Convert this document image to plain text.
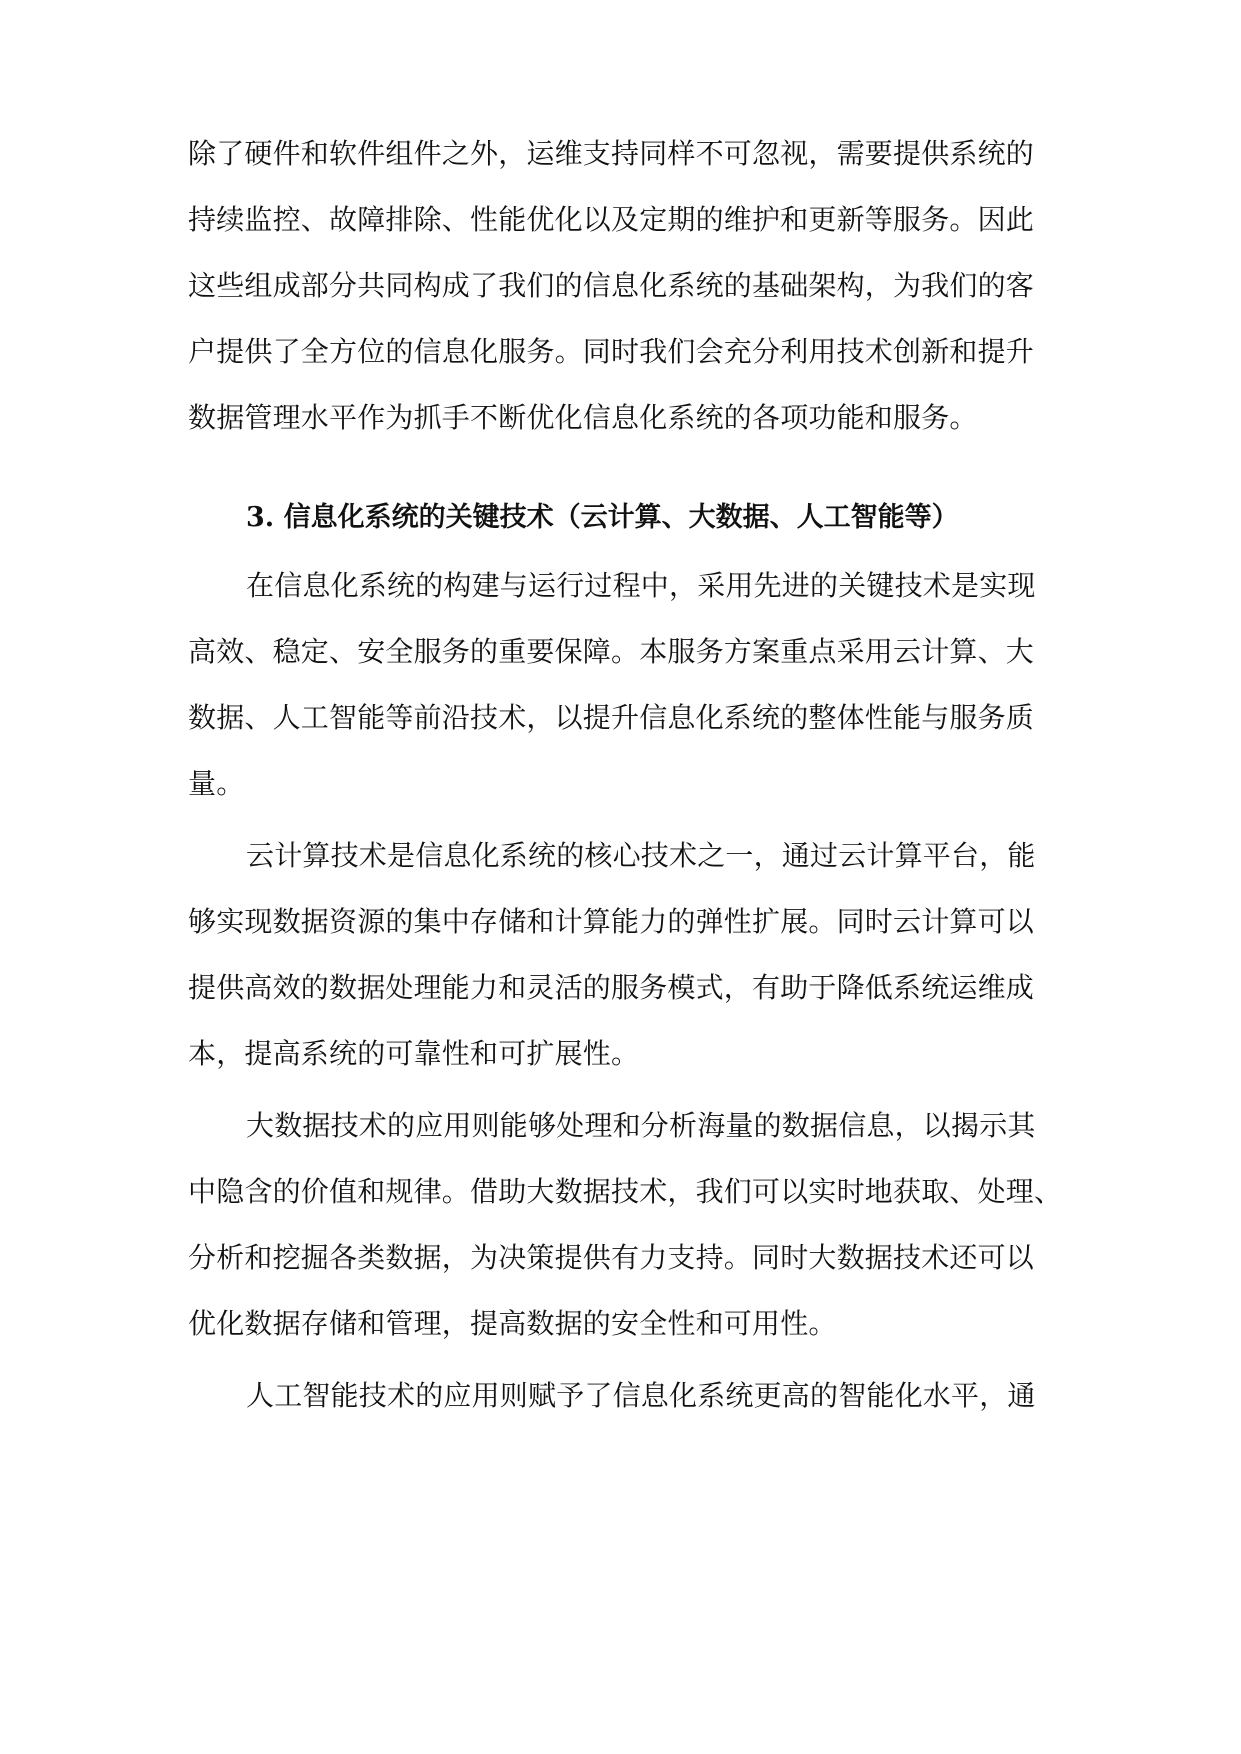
除了硬件和软件组件之外，运维支持同样不可忽视，需要提供系统的
持续监控、故障排除、性能优化以及定期的维护和更新等服务。因此
这些组成部分共同构成了我们的信息化系统的基础架构，为我们的客
户提供了全方位的信息化服务。同时我们会充分利用技术创新和提升
数据管理水平作为抓手不断优化信息化系统的各项功能和服务。
3. 信息化系统的关键技术（云计算、大数据、人工智能等）
在信息化系统的构建与运行过程中，采用先进的关键技术是实现
高效、稳定、安全服务的重要保障。本服务方案重点采用云计算、大
数据、人工智能等前沿技术，以提升信息化系统的整体性能与服务质
量。
云计算技术是信息化系统的核心技术之一，通过云计算平台，能
够实现数据资源的集中存储和计算能力的弹性扩展。同时云计算可以
提供高效的数据处理能力和灵活的服务模式，有助于降低系统运维成
本，提高系统的可靠性和可扩展性。
大数据技术的应用则能够处理和分析海量的数据信息，以揭示其
中隐含的价值和规律。借助大数据技术，我们可以实时地获取、处理、
分析和挖掘各类数据，为决策提供有力支持。同时大数据技术还可以
优化数据存储和管理，提高数据的安全性和可用性。
人工智能技术的应用则赋予了信息化系统更高的智能化水平，通
